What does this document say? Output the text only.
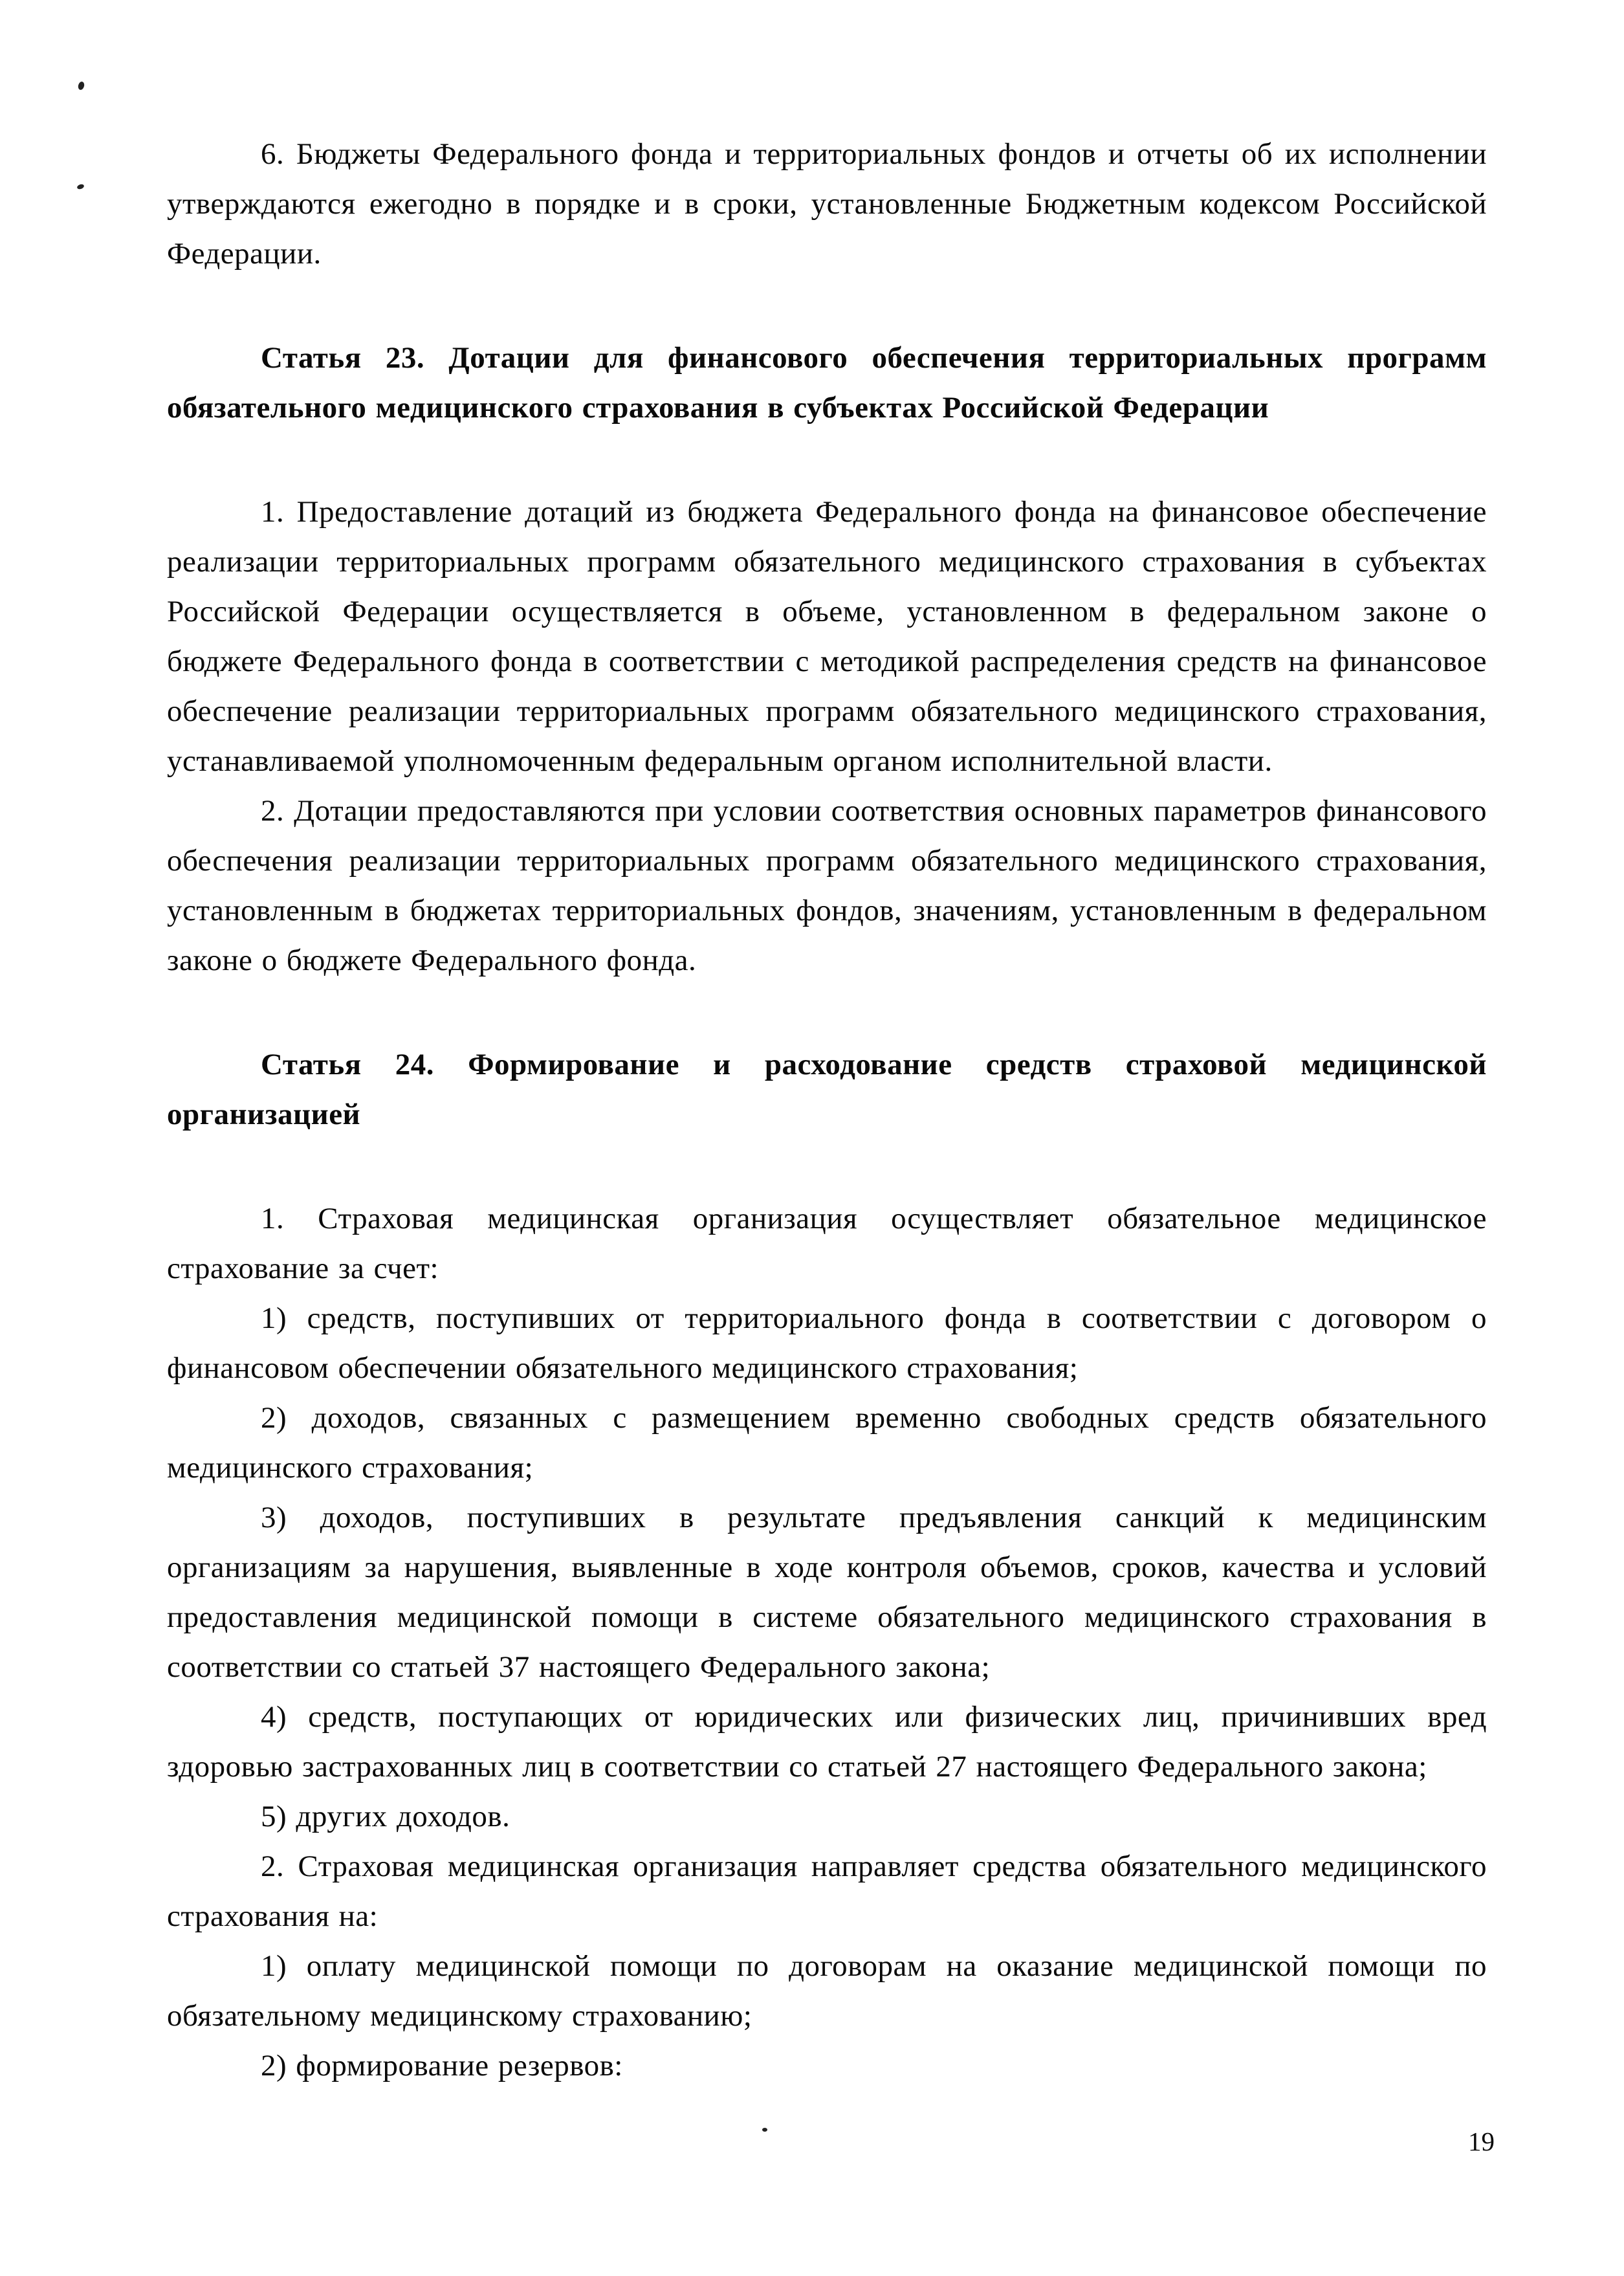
6. Бюджеты Федерального фонда и территориальных фондов и отчеты об их исполнении утверждаются ежегодно в порядке и в сроки, установленные Бюджетным кодексом Российской Федерации.

Статья 23. Дотации для финансового обеспечения территориальных программ обязательного медицинского страхования в субъектах Российской Федерации

1. Предоставление дотаций из бюджета Федерального фонда на финансовое обеспечение реализации территориальных программ обязательного медицинского страхования в субъектах Российской Федерации осуществляется в объеме, установленном в федеральном законе о бюджете Федерального фонда в соответствии с методикой распределения средств на финансовое обеспечение реализации территориальных программ обязательного медицинского страхования, устанавливаемой уполномоченным федеральным органом исполнительной власти.

2. Дотации предоставляются при условии соответствия основных параметров финансового обеспечения реализации территориальных программ обязательного медицинского страхования, установленным в бюджетах территориальных фондов, значениям, установленным в федеральном законе о бюджете Федерального фонда.

Статья 24. Формирование и расходование средств страховой медицинской организацией

1. Страховая медицинская организация осуществляет обязательное медицинское страхование за счет:

1) средств, поступивших от территориального фонда в соответствии с договором о финансовом обеспечении обязательного медицинского страхования;

2) доходов, связанных с размещением временно свободных средств обязательного медицинского страхования;

3) доходов, поступивших в результате предъявления санкций к медицинским организациям за нарушения, выявленные в ходе контроля объемов, сроков, качества и условий предоставления медицинской помощи в системе обязательного медицинского страхования в соответствии со статьей 37 настоящего Федерального закона;

4) средств, поступающих от юридических или физических лиц, причинивших вред здоровью застрахованных лиц в соответствии со статьей 27 настоящего Федерального закона;

5) других доходов.

2. Страховая медицинская организация направляет средства обязательного медицинского страхования на:

1) оплату медицинской помощи по договорам на оказание медицинской помощи по обязательному медицинскому страхованию;

2) формирование резервов:

19
